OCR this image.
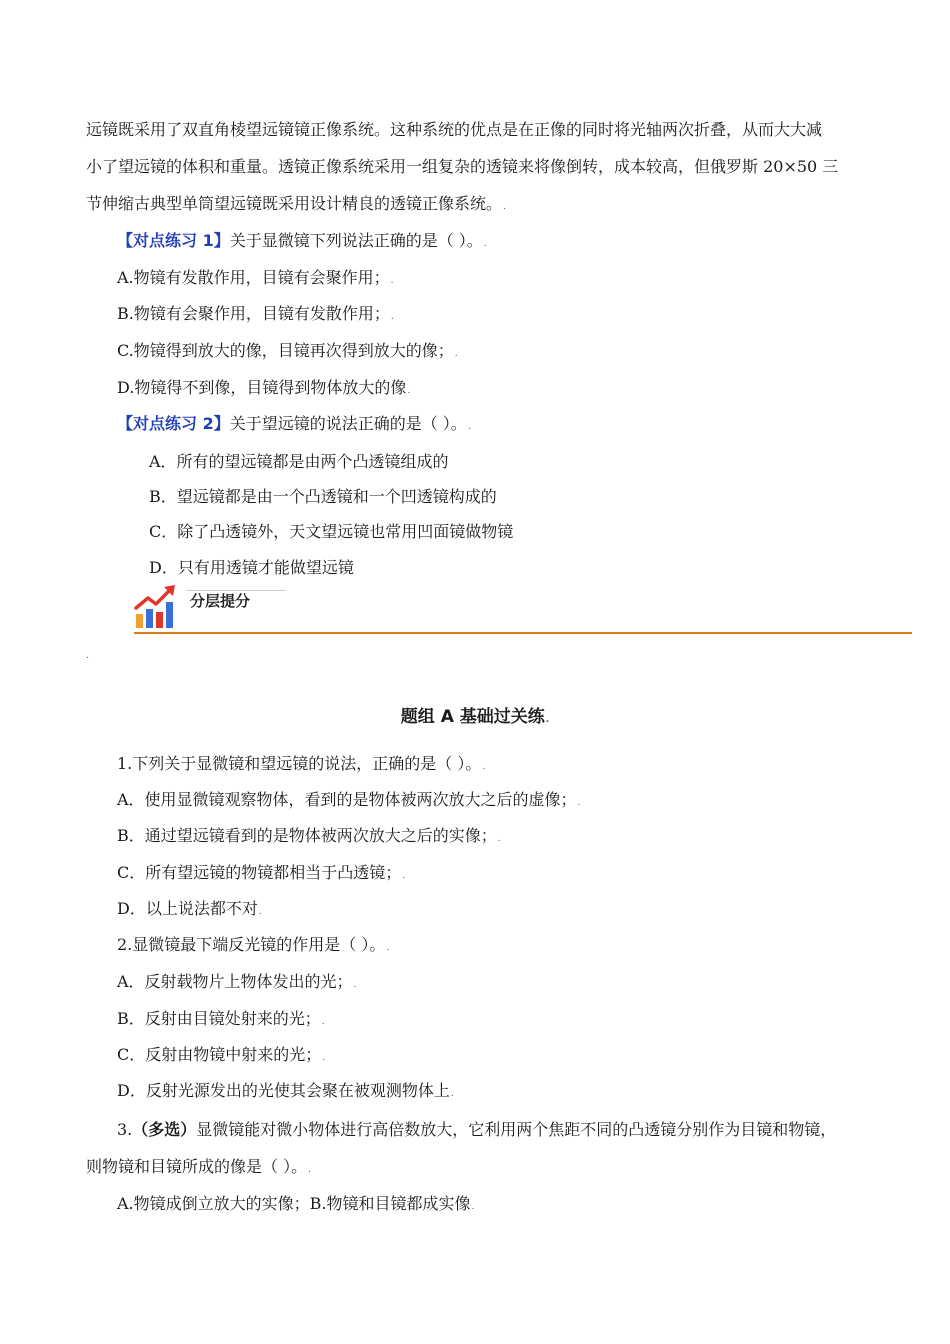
远镜既采用了双直角棱望远镜镜正像系统。这种系统的优点是在正像的同时将光轴两次折叠，从而大大减
小了望远镜的体积和重量。透镜正像系统采用一组复杂的透镜来将像倒转，成本较高，但俄罗斯 20×50 三
节伸缩古典型单筒望远镜既采用设计精良的透镜正像系统。.
【对点练习 1】关于显微镜下列说法正确的是（ ）。.
A.物镜有发散作用，目镜有会聚作用；.
B.物镜有会聚作用，目镜有发散作用；.
C.物镜得到放大的像，目镜再次得到放大的像；.
D.物镜得不到像，目镜得到物体放大的像.
【对点练习 2】关于望远镜的说法正确的是（ ）。.
A．所有的望远镜都是由两个凸透镜组成的
B．望远镜都是由一个凸透镜和一个凹透镜构成的
C．除了凸透镜外，天文望远镜也常用凹面镜做物镜
D．只有用透镜才能做望远镜
分层提分
.
题组 A 基础过关练.
1.下列关于显微镜和望远镜的说法，正确的是（ ）。.
A．使用显微镜观察物体，看到的是物体被两次放大之后的虚像；.
B．通过望远镜看到的是物体被两次放大之后的实像；.
C．所有望远镜的物镜都相当于凸透镜；.
D．以上说法都不对.
2.显微镜最下端反光镜的作用是（ ）。.
A．反射载物片上物体发出的光；.
B．反射由目镜处射来的光；.
C．反射由物镜中射来的光；.
D．反射光源发出的光使其会聚在被观测物体上.
3.（多选）显微镜能对微小物体进行高倍数放大，它利用两个焦距不同的凸透镜分别作为目镜和物镜，
则物镜和目镜所成的像是（ ）。.
A.物镜成倒立放大的实像；B.物镜和目镜都成实像.
